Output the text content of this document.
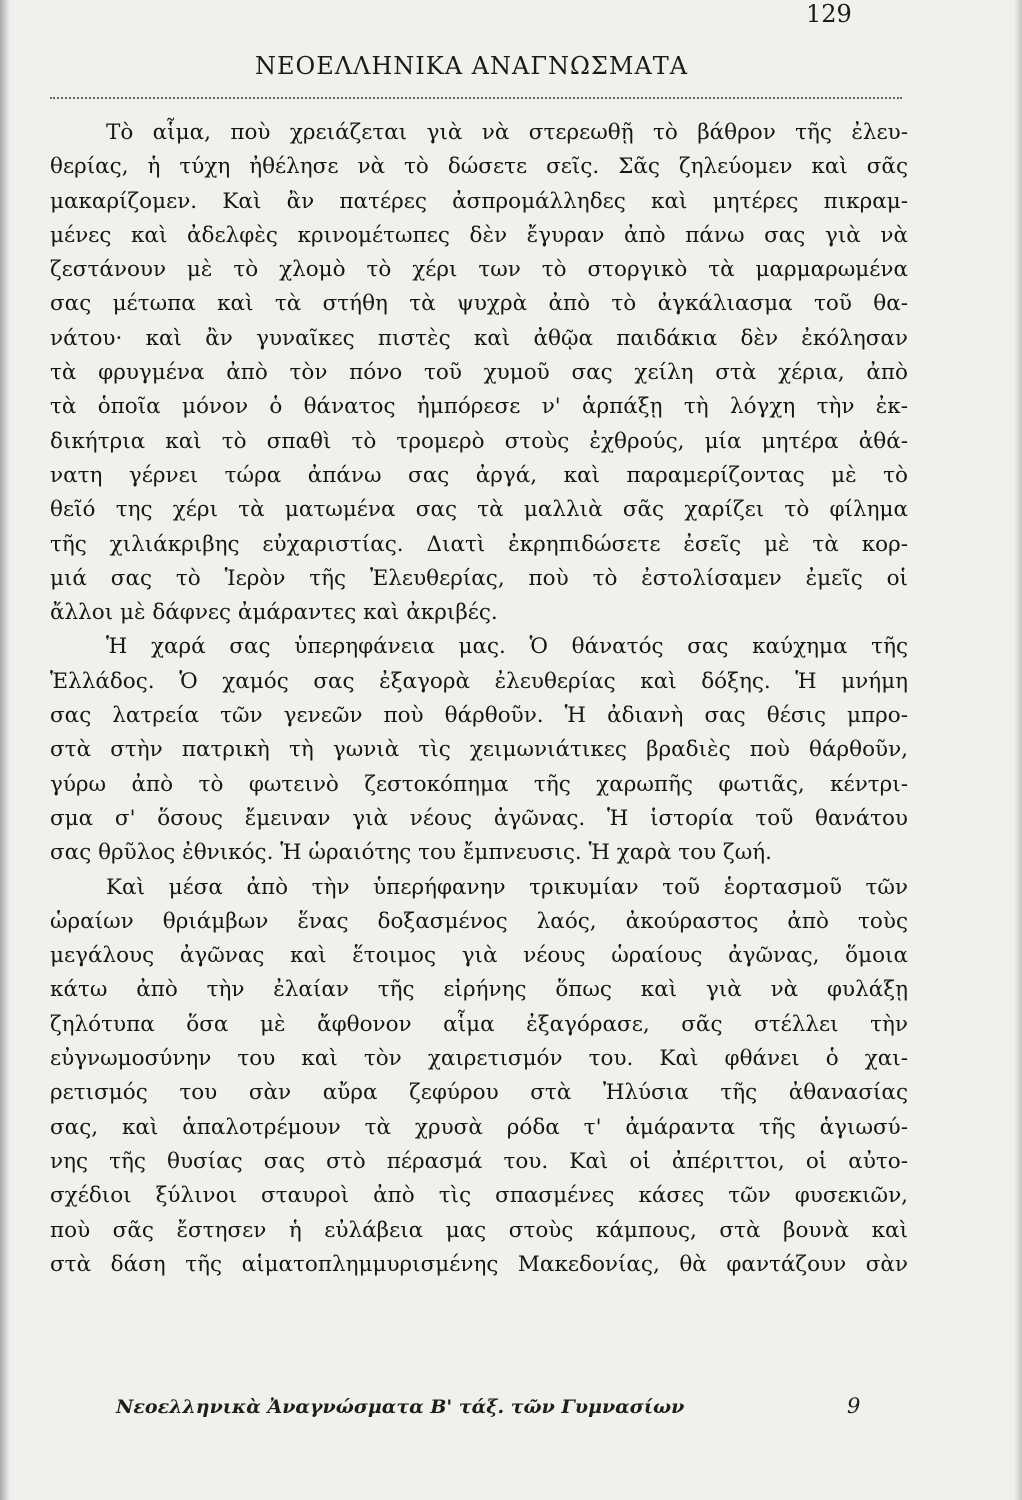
ΝΕΟΕΛΛΗΝΙΚΑ ΑΝΑΓΝΩΣΜΑΤΑ
129
Τὸ αἷμα, ποὺ χρειάζεται γιὰ νὰ στερεωθῇ τὸ βάθρον τῆς ἐλευ-
θερίας, ἡ τύχη ἠθέλησε νὰ τὸ δώσετε σεῖς. Σᾶς ζηλεύομεν καὶ σᾶς
μακαρίζομεν. Καὶ ἂν πατέρες ἀσπρομάλληδες καὶ μητέρες πικραμ-
μένες καὶ ἀδελφὲς κρινομέτωπες δὲν ἔγυραν ἀπὸ πάνω σας γιὰ νὰ
ζεστάνουν μὲ τὸ χλομὸ τὸ χέρι των τὸ στοργικὸ τὰ μαρμαρωμένα
σας μέτωπα καὶ τὰ στήθη τὰ ψυχρὰ ἀπὸ τὸ ἀγκάλιασμα τοῦ θα-
νάτου· καὶ ἂν γυναῖκες πιστὲς καὶ ἀθῷα παιδάκια δὲν ἐκόλησαν
τὰ φρυγμένα ἀπὸ τὸν πόνο τοῦ χυμοῦ σας χείλη στὰ χέρια, ἀπὸ
τὰ ὁποῖα μόνον ὁ θάνατος ἠμπόρεσε ν' ἁρπάξῃ τὴ λόγχη τὴν ἐκ-
δικήτρια καὶ τὸ σπαθὶ τὸ τρομερὸ στοὺς ἐχθρούς, μία μητέρα ἀθά-
νατη γέρνει τώρα ἀπάνω σας ἀργά, καὶ παραμερίζοντας μὲ τὸ
θεῖό της χέρι τὰ ματωμένα σας τὰ μαλλιὰ σᾶς χαρίζει τὸ φίλημα
τῆς χιλιάκριβης εὐχαριστίας. Διατὶ ἐκρηπιδώσετε ἐσεῖς μὲ τὰ κορ-
μιά σας τὸ Ἱερὸν τῆς Ἐλευθερίας, ποὺ τὸ ἐστολίσαμεν ἐμεῖς οἱ
ἄλλοι μὲ δάφνες ἀμάραντες καὶ ἀκριβές.
Ἡ χαρά σας ὑπερηφάνεια μας. Ὁ θάνατός σας καύχημα τῆς
Ἑλλάδος. Ὁ χαμός σας ἐξαγορὰ ἐλευθερίας καὶ δόξης. Ἡ μνήμη
σας λατρεία τῶν γενεῶν ποὺ θάρθοῦν. Ἡ ἀδιανὴ σας θέσις μπρο-
στὰ στὴν πατρικὴ τὴ γωνιὰ τὶς χειμωνιάτικες βραδιὲς ποὺ θάρθοῦν,
γύρω ἀπὸ τὸ φωτεινὸ ζεστοκόπημα τῆς χαρωπῆς φωτιᾶς, κέντρι-
σμα σ' ὅσους ἔμειναν γιὰ νέους ἀγῶνας. Ἡ ἱστορία τοῦ θανάτου
σας θρῦλος ἐθνικός. Ἡ ὡραιότης του ἔμπνευσις. Ἡ χαρὰ του ζωή.
Καὶ μέσα ἀπὸ τὴν ὑπερήφανην τρικυμίαν τοῦ ἑορτασμοῦ τῶν
ὡραίων θριάμβων ἕνας δοξασμένος λαός, ἀκούραστος ἀπὸ τοὺς
μεγάλους ἀγῶνας καὶ ἕτοιμος γιὰ νέους ὡραίους ἀγῶνας, ὅμοια
κάτω ἀπὸ τὴν ἐλαίαν τῆς εἰρήνης ὅπως καὶ γιὰ νὰ φυλάξῃ
ζηλότυπα ὅσα μὲ ἄφθονον αἷμα ἐξαγόρασε, σᾶς στέλλει τὴν
εὐγνωμοσύνην του καὶ τὸν χαιρετισμόν του. Καὶ φθάνει ὁ χαι-
ρετισμός του σὰν αὔρα ζεφύρου στὰ Ἠλύσια τῆς ἀθανασίας
σας, καὶ ἁπαλοτρέμουν τὰ χρυσὰ ρόδα τ' ἀμάραντα τῆς ἁγιωσύ-
νης τῆς θυσίας σας στὸ πέρασμά του. Καὶ οἱ ἀπέριττοι, οἱ αὐτο-
σχέδιοι ξύλινοι σταυροὶ ἀπὸ τὶς σπασμένες κάσες τῶν φυσεκιῶν,
ποὺ σᾶς ἔστησεν ἡ εὐλάβεια μας στοὺς κάμπους, στὰ βουνὰ καὶ
στὰ δάση τῆς αἱματοπλημμυρισμένης Μακεδονίας, θὰ φαντάζουν σὰν
Νεοελληνικὰ Ἀναγνώσματα Β' τάξ. τῶν Γυμνασίων	9
